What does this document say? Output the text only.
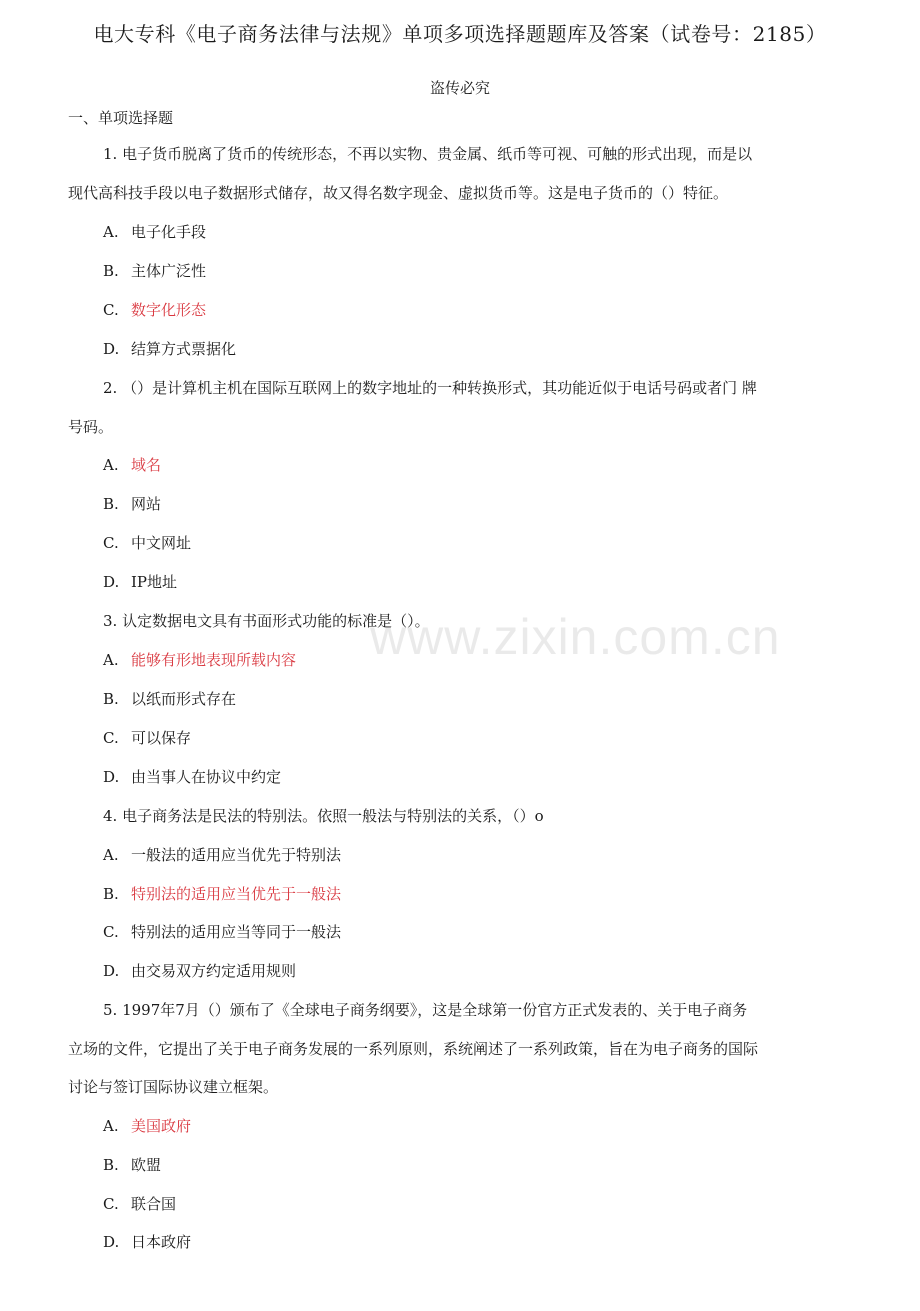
电大专科《电子商务法律与法规》单项多项选择题题库及答案（试卷号：2185）
盗传必究
一、单项选择题
1. 电子货币脱离了货币的传统形态，不再以实物、贵金属、纸币等可视、可触的形式出现，而是以
现代高科技手段以电子数据形式储存，故又得名数字现金、虚拟货币等。这是电子货币的（）特征。
A. 电子化手段
B. 主体广泛性
C. 数字化形态
D. 结算方式票据化
2. （）是计算机主机在国际互联网上的数字地址的一种转换形式，其功能近似于电话号码或者门 牌
号码。
A. 域名
B. 网站
C. 中文网址
D. IP地址
3. 认定数据电文具有书面形式功能的标准是（）。
A. 能够有形地表现所载内容
B. 以纸而形式存在
C. 可以保存
D. 由当事人在协议中约定
4. 电子商务法是民法的特别法。依照一般法与特别法的关系，（）o
A. 一般法的适用应当优先于特别法
B. 特别法的适用应当优先于一般法
C. 特别法的适用应当等同于一般法
D. 由交易双方约定适用规则
5. 1997年7月（）颁布了《全球电子商务纲要》，这是全球第一份官方正式发表的、关于电子商务
立场的文件，它提出了关于电子商务发展的一系列原则，系统阐述了一系列政策，旨在为电子商务的国际
讨论与签订国际协议建立框架。
A. 美国政府
B. 欧盟
C. 联合国
D. 日本政府
www.zixin.com.cn
